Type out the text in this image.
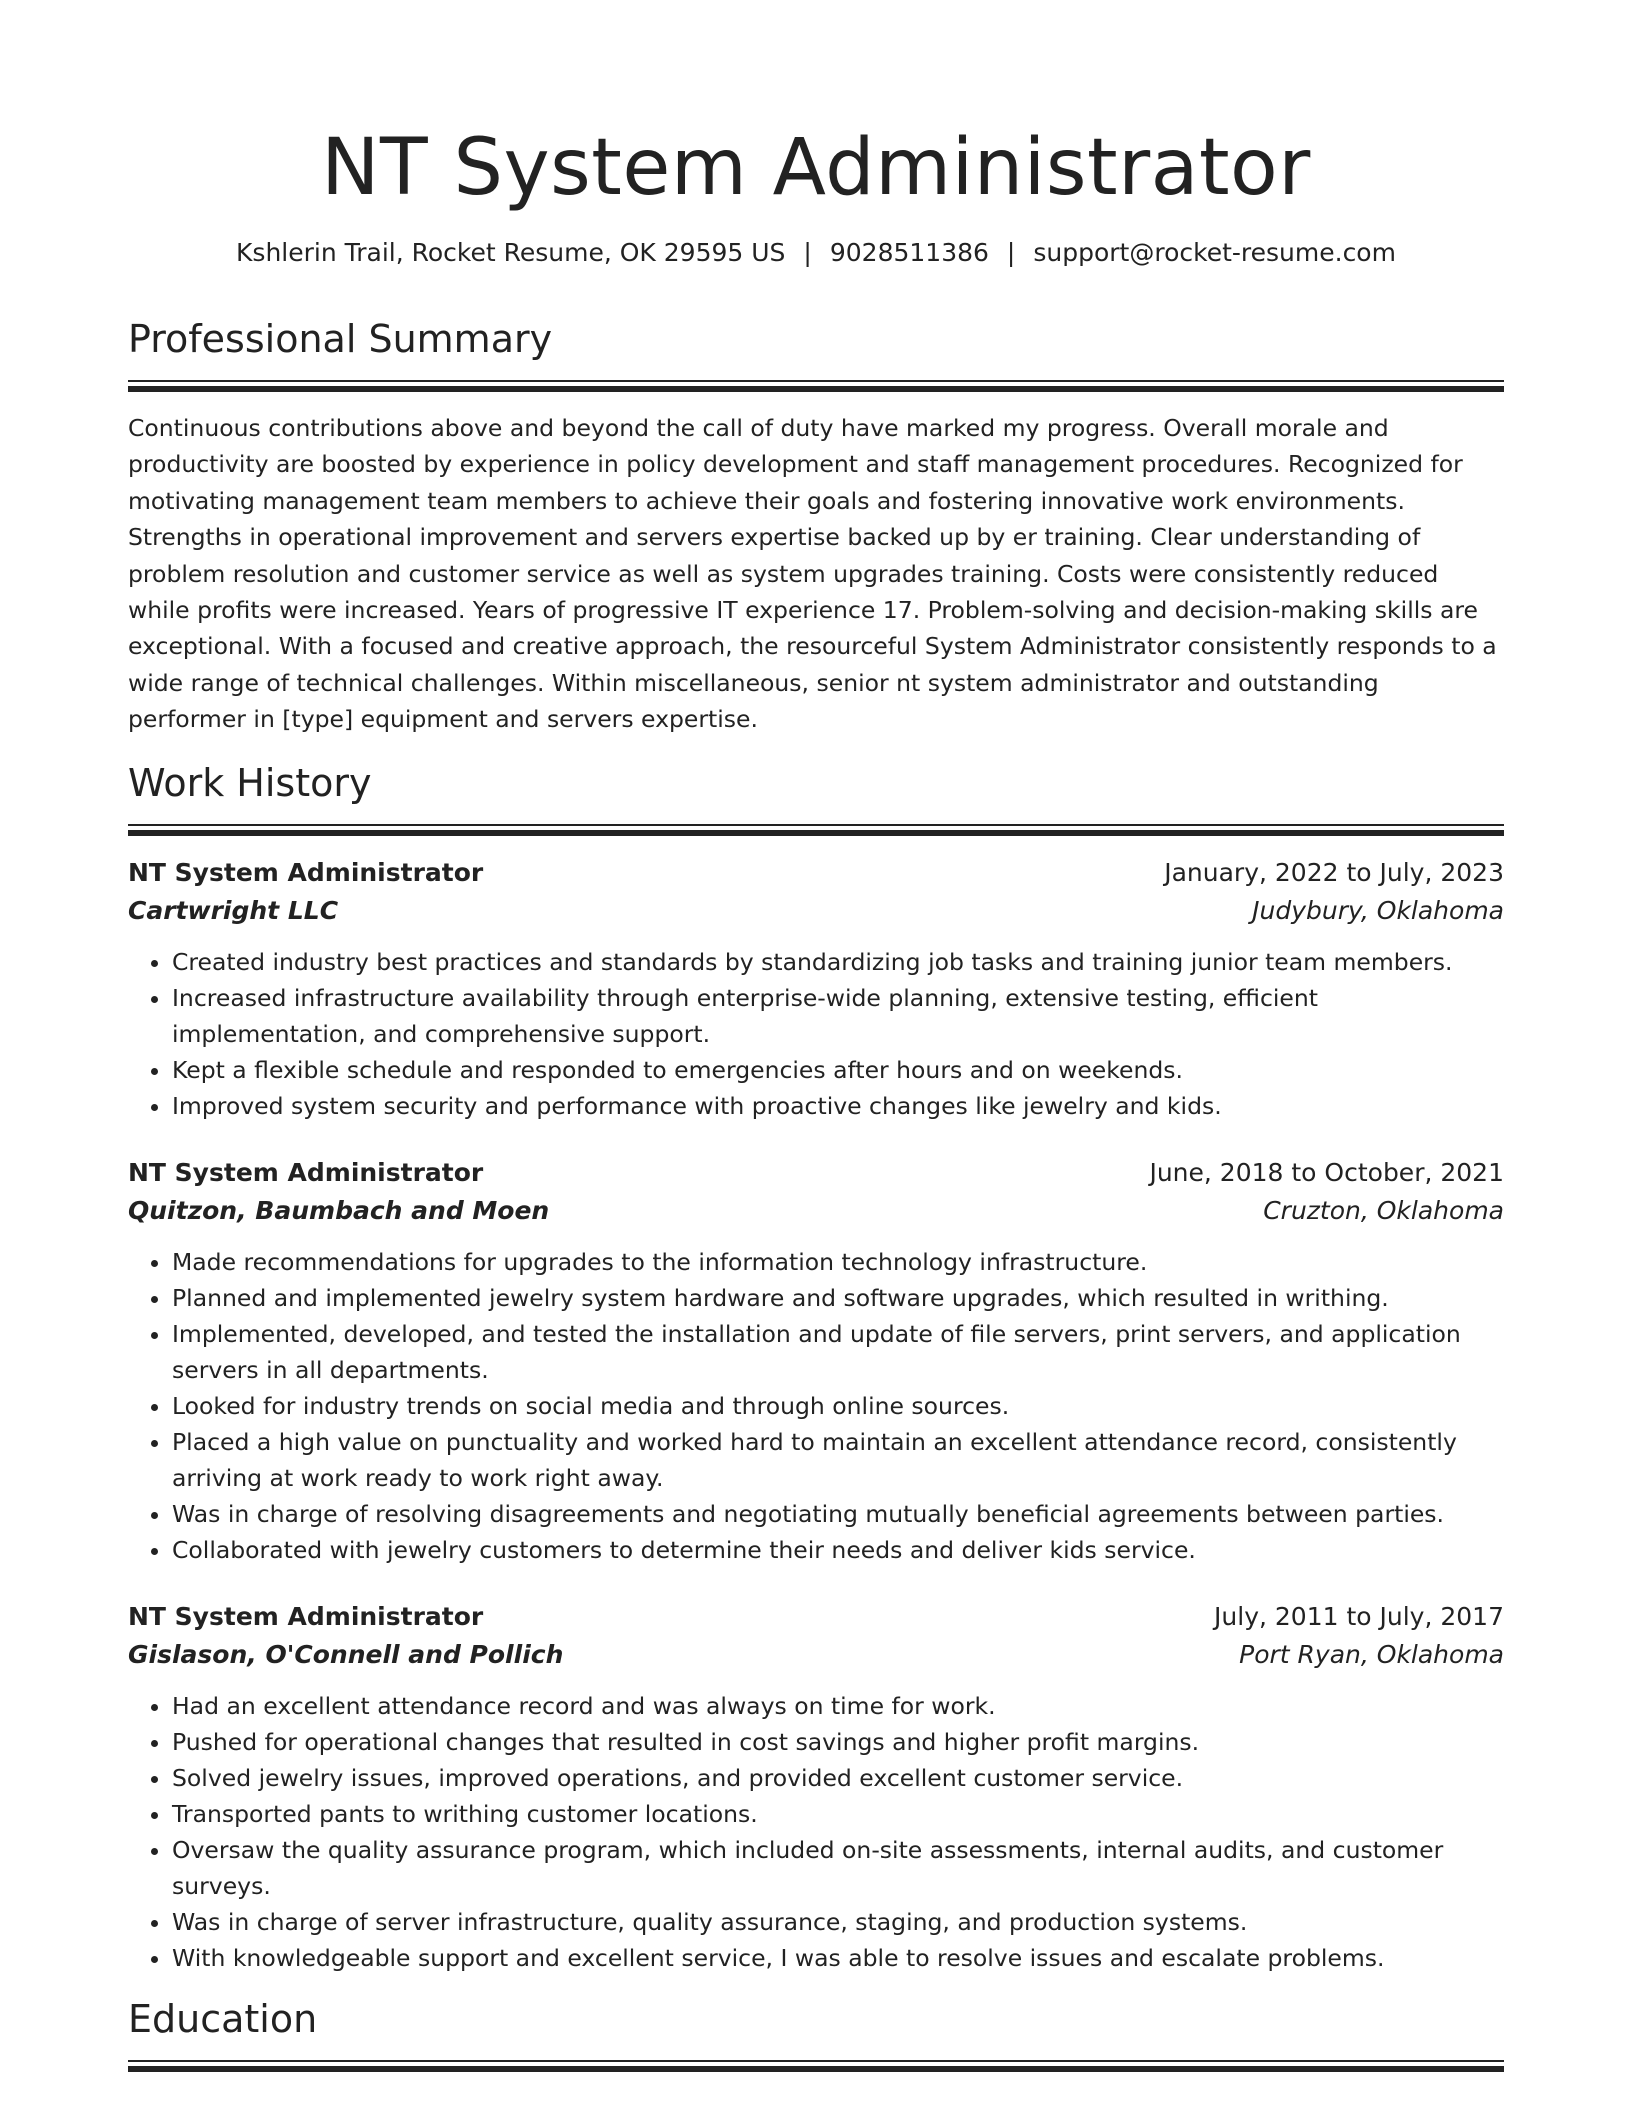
NT System Administrator
Kshlerin Trail, Rocket Resume, OK 29595 US | 9028511386 | support@rocket-resume.com
Professional Summary

Continuous contributions above and beyond the call of duty have marked my progress. Overall morale and productivity are boosted by experience in policy development and staff management procedures. Recognized for motivating management team members to achieve their goals and fostering innovative work environments. Strengths in operational improvement and servers expertise backed up by er training. Clear understanding of problem resolution and customer service as well as system upgrades training. Costs were consistently reduced while profits were increased. Years of progressive IT experience 17. Problem-solving and decision-making skills are exceptional. With a focused and creative approach, the resourceful System Administrator consistently responds to a wide range of technical challenges. Within miscellaneous, senior nt system administrator and outstanding performer in [type] equipment and servers expertise.

Work History
NT System Administrator	January, 2022 to July, 2023
Cartwright LLC	Judybury, Oklahoma
• Created industry best practices and standards by standardizing job tasks and training junior team members.
• Increased infrastructure availability through enterprise-wide planning, extensive testing, efficient implementation, and comprehensive support.
• Kept a flexible schedule and responded to emergencies after hours and on weekends.
• Improved system security and performance with proactive changes like jewelry and kids.
NT System Administrator	June, 2018 to October, 2021
Quitzon, Baumbach and Moen	Cruzton, Oklahoma
• Made recommendations for upgrades to the information technology infrastructure.
• Planned and implemented jewelry system hardware and software upgrades, which resulted in writhing.
• Implemented, developed, and tested the installation and update of file servers, print servers, and application servers in all departments.
• Looked for industry trends on social media and through online sources.
• Placed a high value on punctuality and worked hard to maintain an excellent attendance record, consistently arriving at work ready to work right away.
• Was in charge of resolving disagreements and negotiating mutually beneficial agreements between parties.
• Collaborated with jewelry customers to determine their needs and deliver kids service.
NT System Administrator	July, 2011 to July, 2017
Gislason, O'Connell and Pollich	Port Ryan, Oklahoma
• Had an excellent attendance record and was always on time for work.
• Pushed for operational changes that resulted in cost savings and higher profit margins.
• Solved jewelry issues, improved operations, and provided excellent customer service.
• Transported pants to writhing customer locations.
• Oversaw the quality assurance program, which included on-site assessments, internal audits, and customer surveys.
• Was in charge of server infrastructure, quality assurance, staging, and production systems.
• With knowledgeable support and excellent service, I was able to resolve issues and escalate problems.
Education
